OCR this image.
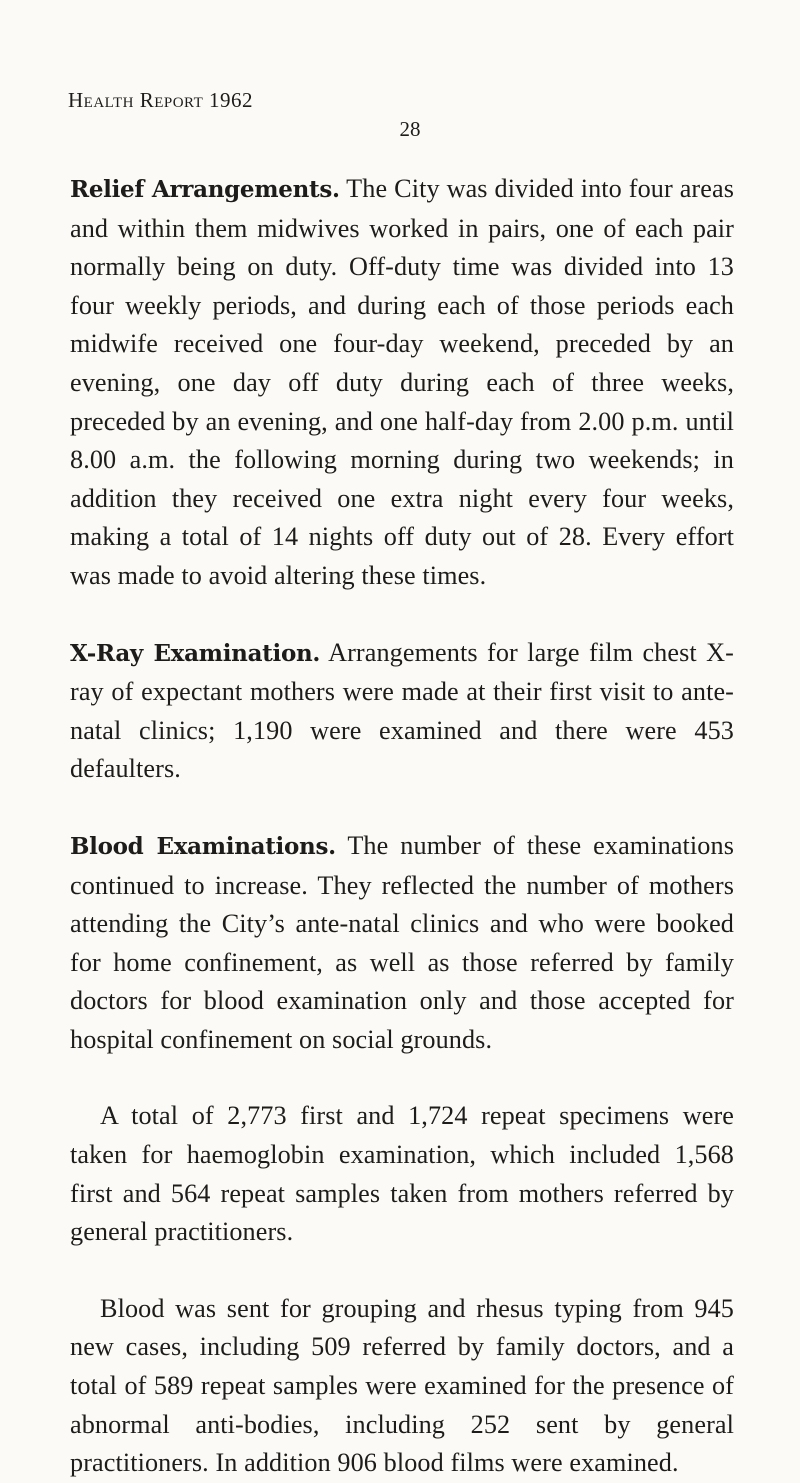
Health Report 1962

28

Relief Arrangements. The City was divided into four areas and within them midwives worked in pairs, one of each pair normally being on duty. Off-duty time was divided into 13 four weekly periods, and during each of those periods each midwife received one four-day weekend, preceded by an evening, one day off duty during each of three weeks, preceded by an evening, and one half-day from 2.00 p.m. until 8.00 a.m. the following morning during two weekends; in addition they received one extra night every four weeks, making a total of 14 nights off duty out of 28. Every effort was made to avoid altering these times.

X-Ray Examination. Arrangements for large film chest X-ray of expectant mothers were made at their first visit to ante-natal clinics; 1,190 were examined and there were 453 defaulters.

Blood Examinations. The number of these examinations continued to increase. They reflected the number of mothers attending the City’s ante-natal clinics and who were booked for home confinement, as well as those referred by family doctors for blood examination only and those accepted for hospital confinement on social grounds.

A total of 2,773 first and 1,724 repeat specimens were taken for haemoglobin examination, which included 1,568 first and 564 repeat samples taken from mothers referred by general practitioners.

Blood was sent for grouping and rhesus typing from 945 new cases, including 509 referred by family doctors, and a total of 589 repeat samples were examined for the presence of abnormal anti-bodies, including 252 sent by general practitioners. In addition 906 blood films were examined.
